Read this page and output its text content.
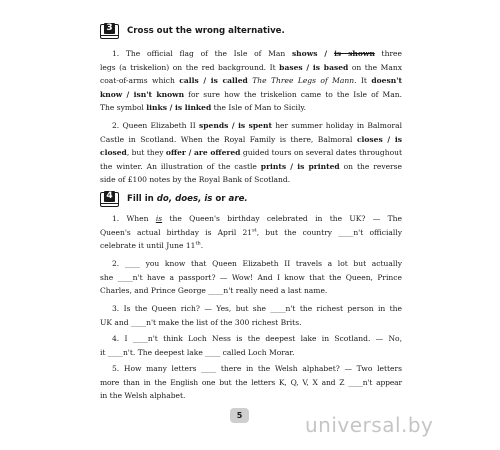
3 Cross out the wrong alternative.
1. The official flag of the Isle of Man shows / is shown three
legs (a triskelion) on the red background. It bases / is based on the Manx
coat-of-arms which calls / is called The Three Legs of Mann. It doesn't
know / isn't known for sure how the triskelion came to the Isle of Man.
The symbol links / is linked the Isle of Man to Sicily.
2. Queen Elizabeth II spends / is spent her summer holiday in Balmoral
Castle in Scotland. When the Royal Family is there, Balmoral closes / is
closed, but they offer / are offered guided tours on several dates throughout
the winter. An illustration of the castle prints / is printed on the reverse
side of £100 notes by the Royal Bank of Scotland.
4 Fill in do, does, is or are.
1. When is the Queen's birthday celebrated in the UK? — The
Queen's actual birthday is April 21st, but the country ____n't officially
celebrate it until June 11th.
2. ____ you know that Queen Elizabeth II travels a lot but actually
she ____n't have a passport? — Wow! And I know that the Queen, Prince
Charles, and Prince George ____n't really need a last name.
3. Is the Queen rich? — Yes, but she ____n't the richest person in the
UK and ____n't make the list of the 300 richest Brits.
4. I ____n't think Loch Ness is the deepest lake in Scotland. — No,
it ____n't. The deepest lake ____ called Loch Morar.
5. How many letters ____ there in the Welsh alphabet? — Two letters
more than in the English one but the letters K, Q, V, X and Z ____n't appear
in the Welsh alphabet.
5	universal.by
